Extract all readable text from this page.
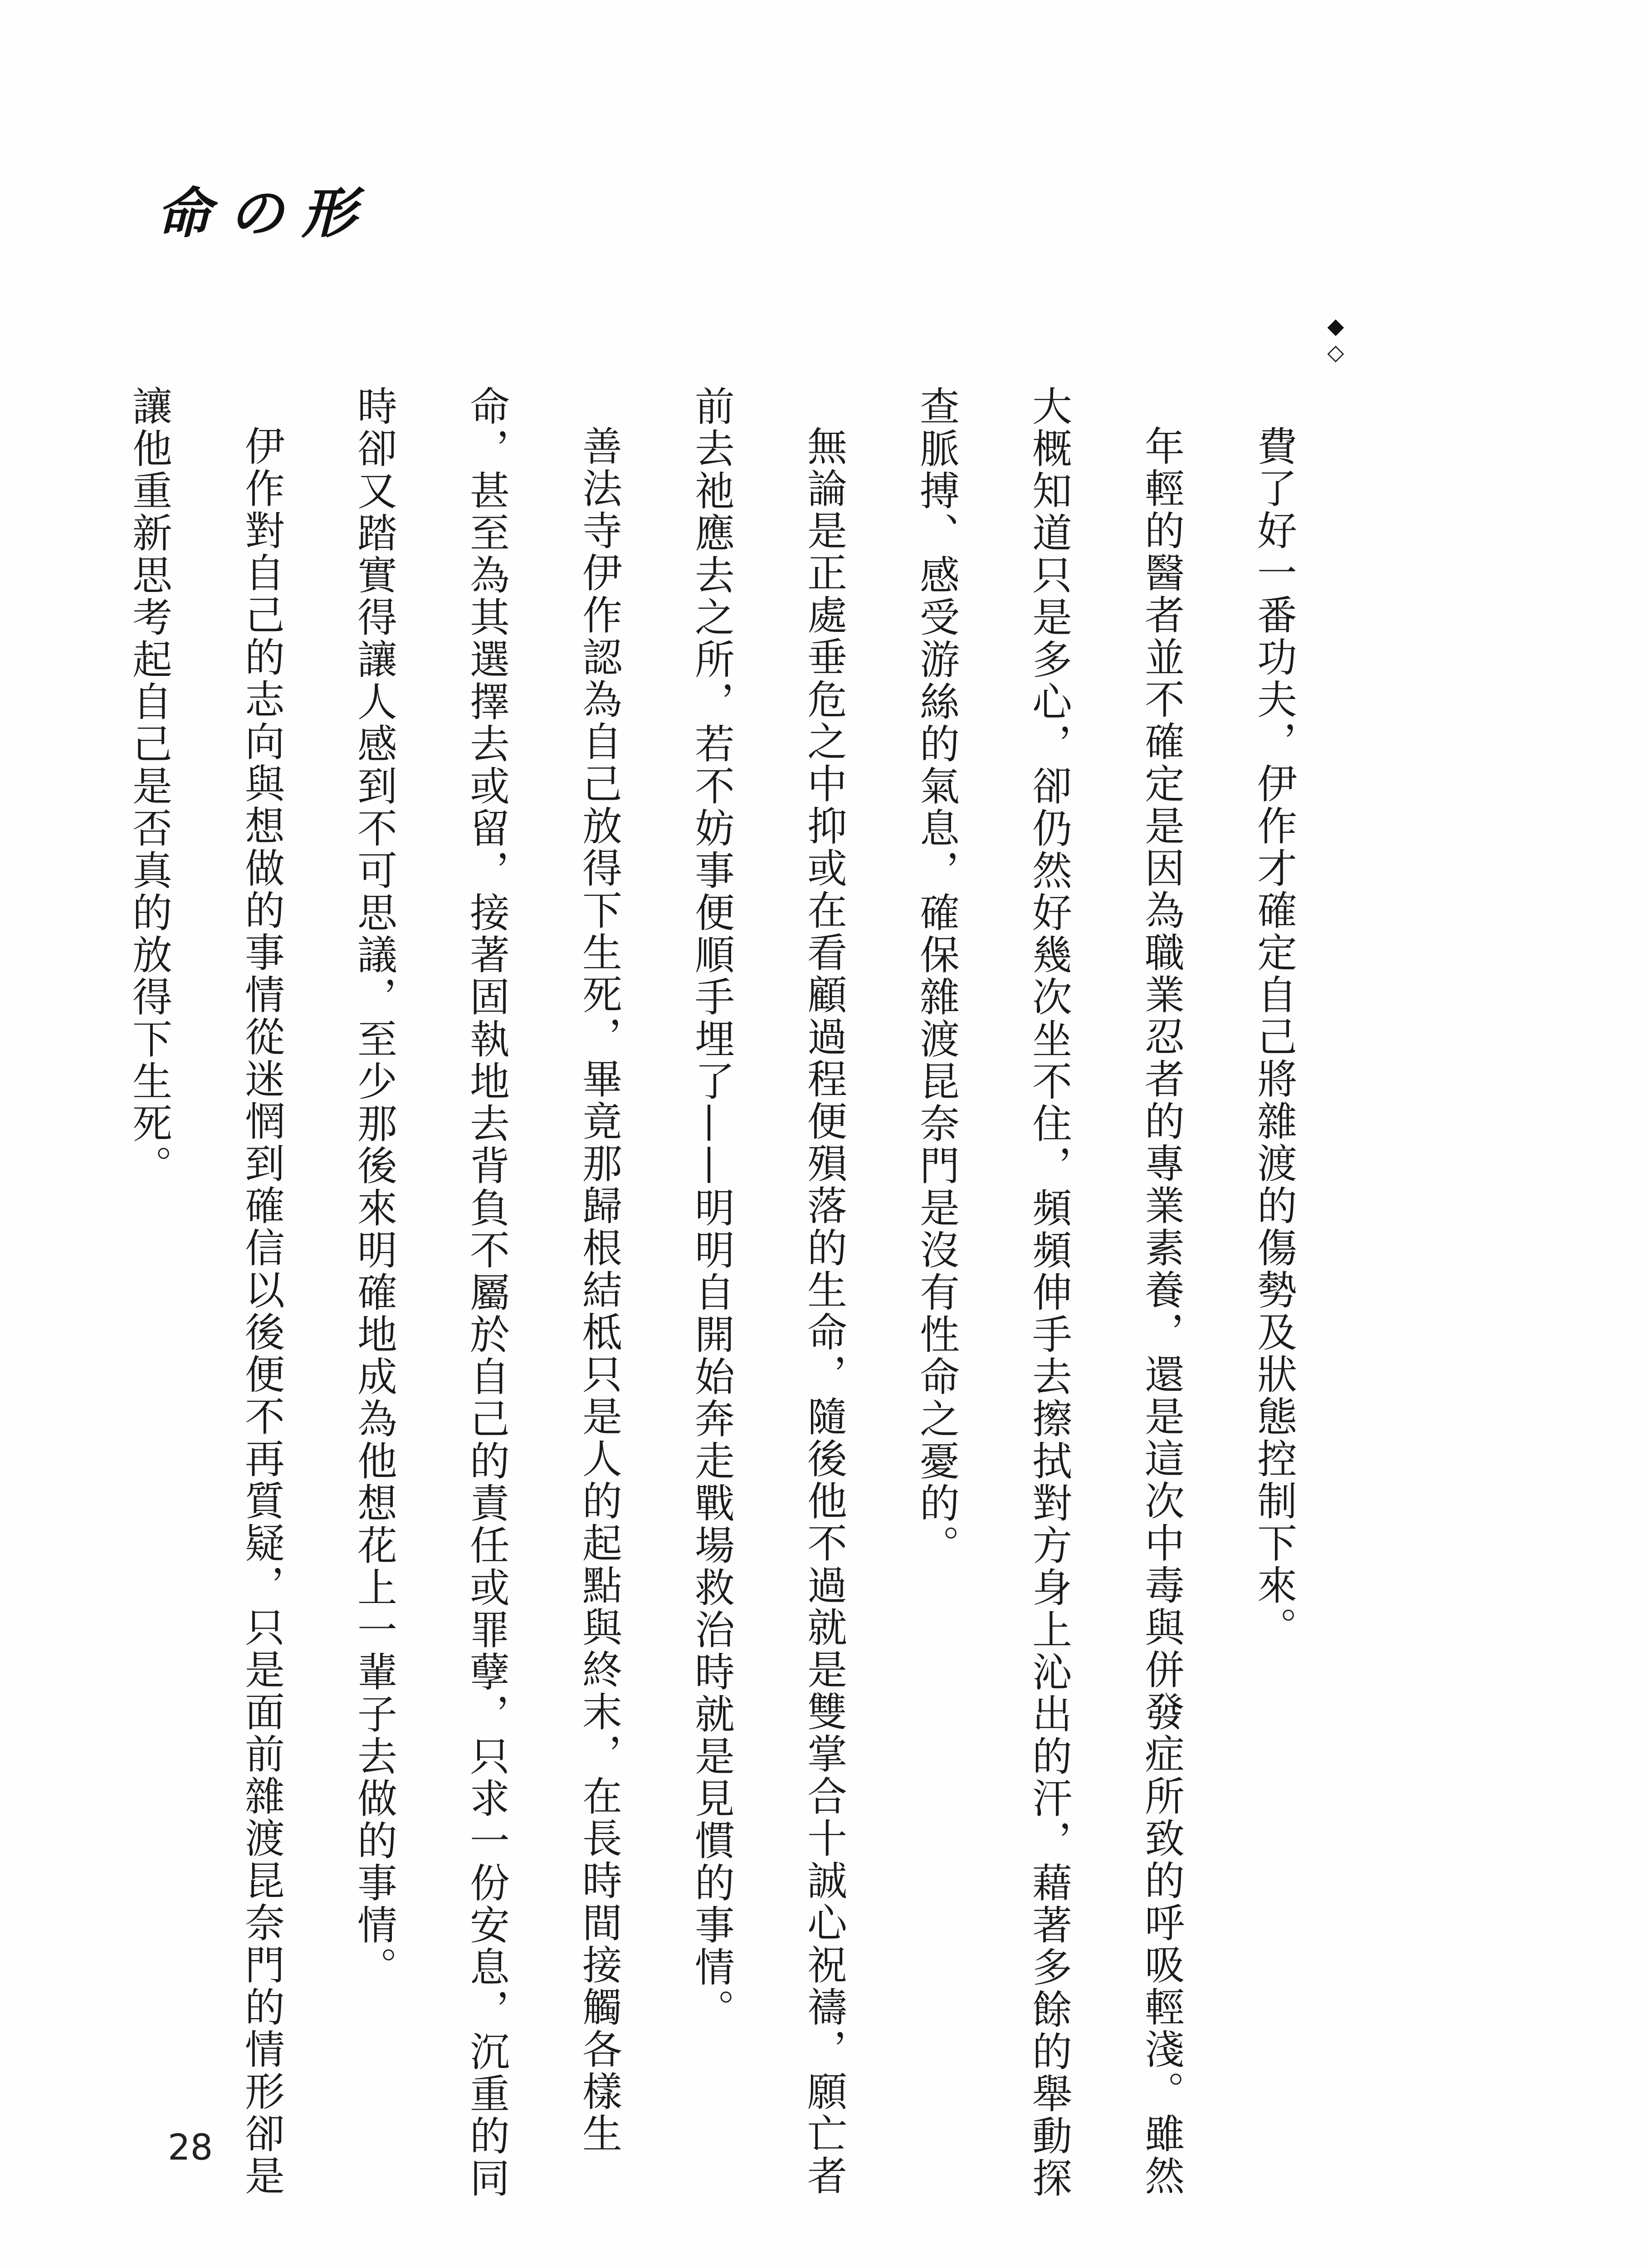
命の形
◆
◇

費了好一番功夫，伊作才確定自己將雜渡的傷勢及狀態控制下來。

年輕的醫者並不確定是因為職業忍者的專業素養，還是這次中毒與併發症所致的呼吸輕淺。雖然大概知道只是多心，卻仍然好幾次坐不住，頻頻伸手去擦拭對方身上沁出的汗，藉著多餘的舉動探查脈搏、感受游絲的氣息，確保雜渡昆奈門是沒有性命之憂的。

無論是正處垂危之中抑或在看顧過程便殞落的生命，隨後他不過就是雙掌合十誠心祝禱，願亡者前去祂應去之所，若不妨事便順手埋了——明明自開始奔走戰場救治時就是見慣的事情。

善法寺伊作認為自己放得下生死，畢竟那歸根結柢只是人的起點與終末，在長時間接觸各樣生命，甚至為其選擇去或留，接著固執地去背負不屬於自己的責任或罪孽，只求一份安息，沉重的同時卻又踏實得讓人感到不可思議，至少那後來明確地成為他想花上一輩子去做的事情。

伊作對自己的志向與想做的事情從迷惘到確信以後便不再質疑，只是面前雜渡昆奈門的情形卻是讓他重新思考起自己是否真的放得下生死。

28
